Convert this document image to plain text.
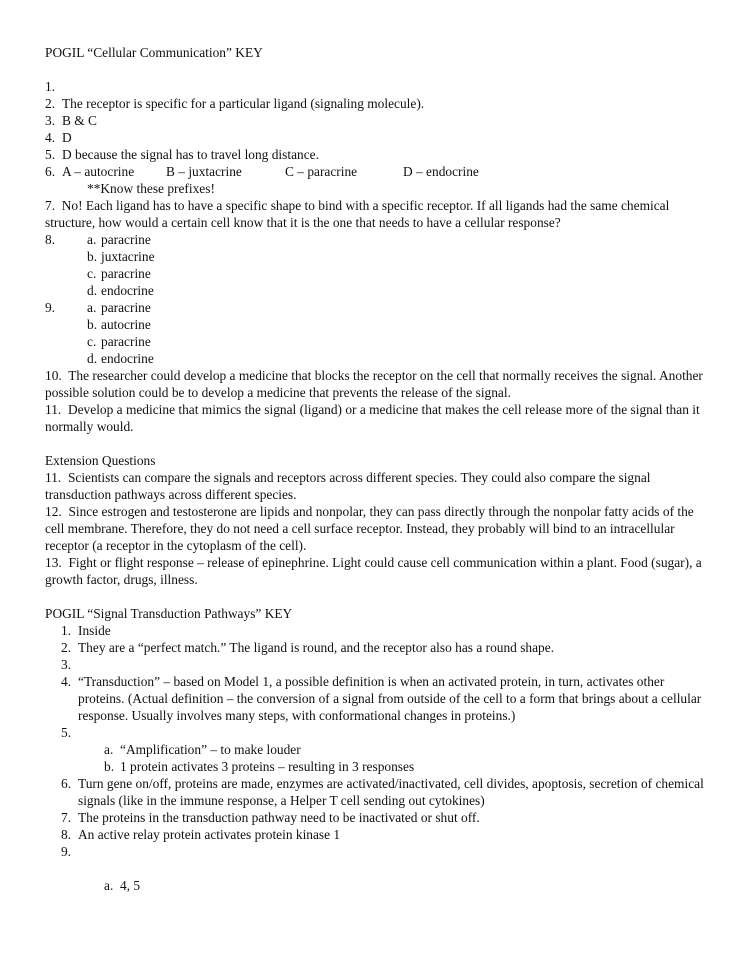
POGIL “Cellular Communication” KEY
1.
2. The receptor is specific for a particular ligand (signaling molecule).
3. B & C
4. D
5. D because the signal has to travel long distance.
6. A – autocrine B – juxtacrine	C – paracrine	D – endocrine
**Know these prefixes!
7.  No! Each ligand has to have a specific shape to bind with a specific receptor. If all ligands had the same chemical structure, how would a certain cell know that it is the one that needs to have a cellular response?
8. a. paracrine
b. juxtacrine
c. paracrine
d. endocrine
9. a. paracrine
b. autocrine
c. paracrine
d. endocrine
10.  The researcher could develop a medicine that blocks the receptor on the cell that normally receives the signal. Another possible solution could be to develop a medicine that prevents the release of the signal.
11.  Develop a medicine that mimics the signal (ligand) or a medicine that makes the cell release more of the signal than it normally would.
Extension Questions
11.  Scientists can compare the signals and receptors across different species. They could also compare the signal transduction pathways across different species.
12.  Since estrogen and testosterone are lipids and nonpolar, they can pass directly through the nonpolar fatty acids of the cell membrane. Therefore, they do not need a cell surface receptor. Instead, they probably will bind to an intracellular receptor (a receptor in the cytoplasm of the cell).
13.  Fight or flight response – release of epinephrine. Light could cause cell communication within a plant. Food (sugar), a growth factor, drugs, illness.
POGIL “Signal Transduction Pathways” KEY
1. Inside
2. They are a “perfect match.” The ligand is round, and the receptor also has a round shape.
3.
4. “Transduction” – based on Model 1, a possible definition is when an activated protein, in turn, activates other proteins. (Actual definition – the conversion of a signal from outside of the cell to a form that brings about a cellular response. Usually involves many steps, with conformational changes in proteins.)
5.
a. “Amplification” – to make louder
b. 1 protein activates 3 proteins – resulting in 3 responses
6. Turn gene on/off, proteins are made, enzymes are activated/inactivated, cell divides, apoptosis, secretion of chemical signals (like in the immune response, a Helper T cell sending out cytokines)
7. The proteins in the transduction pathway need to be inactivated or shut off.
8. An active relay protein activates protein kinase 1
9.
a. 4, 5
